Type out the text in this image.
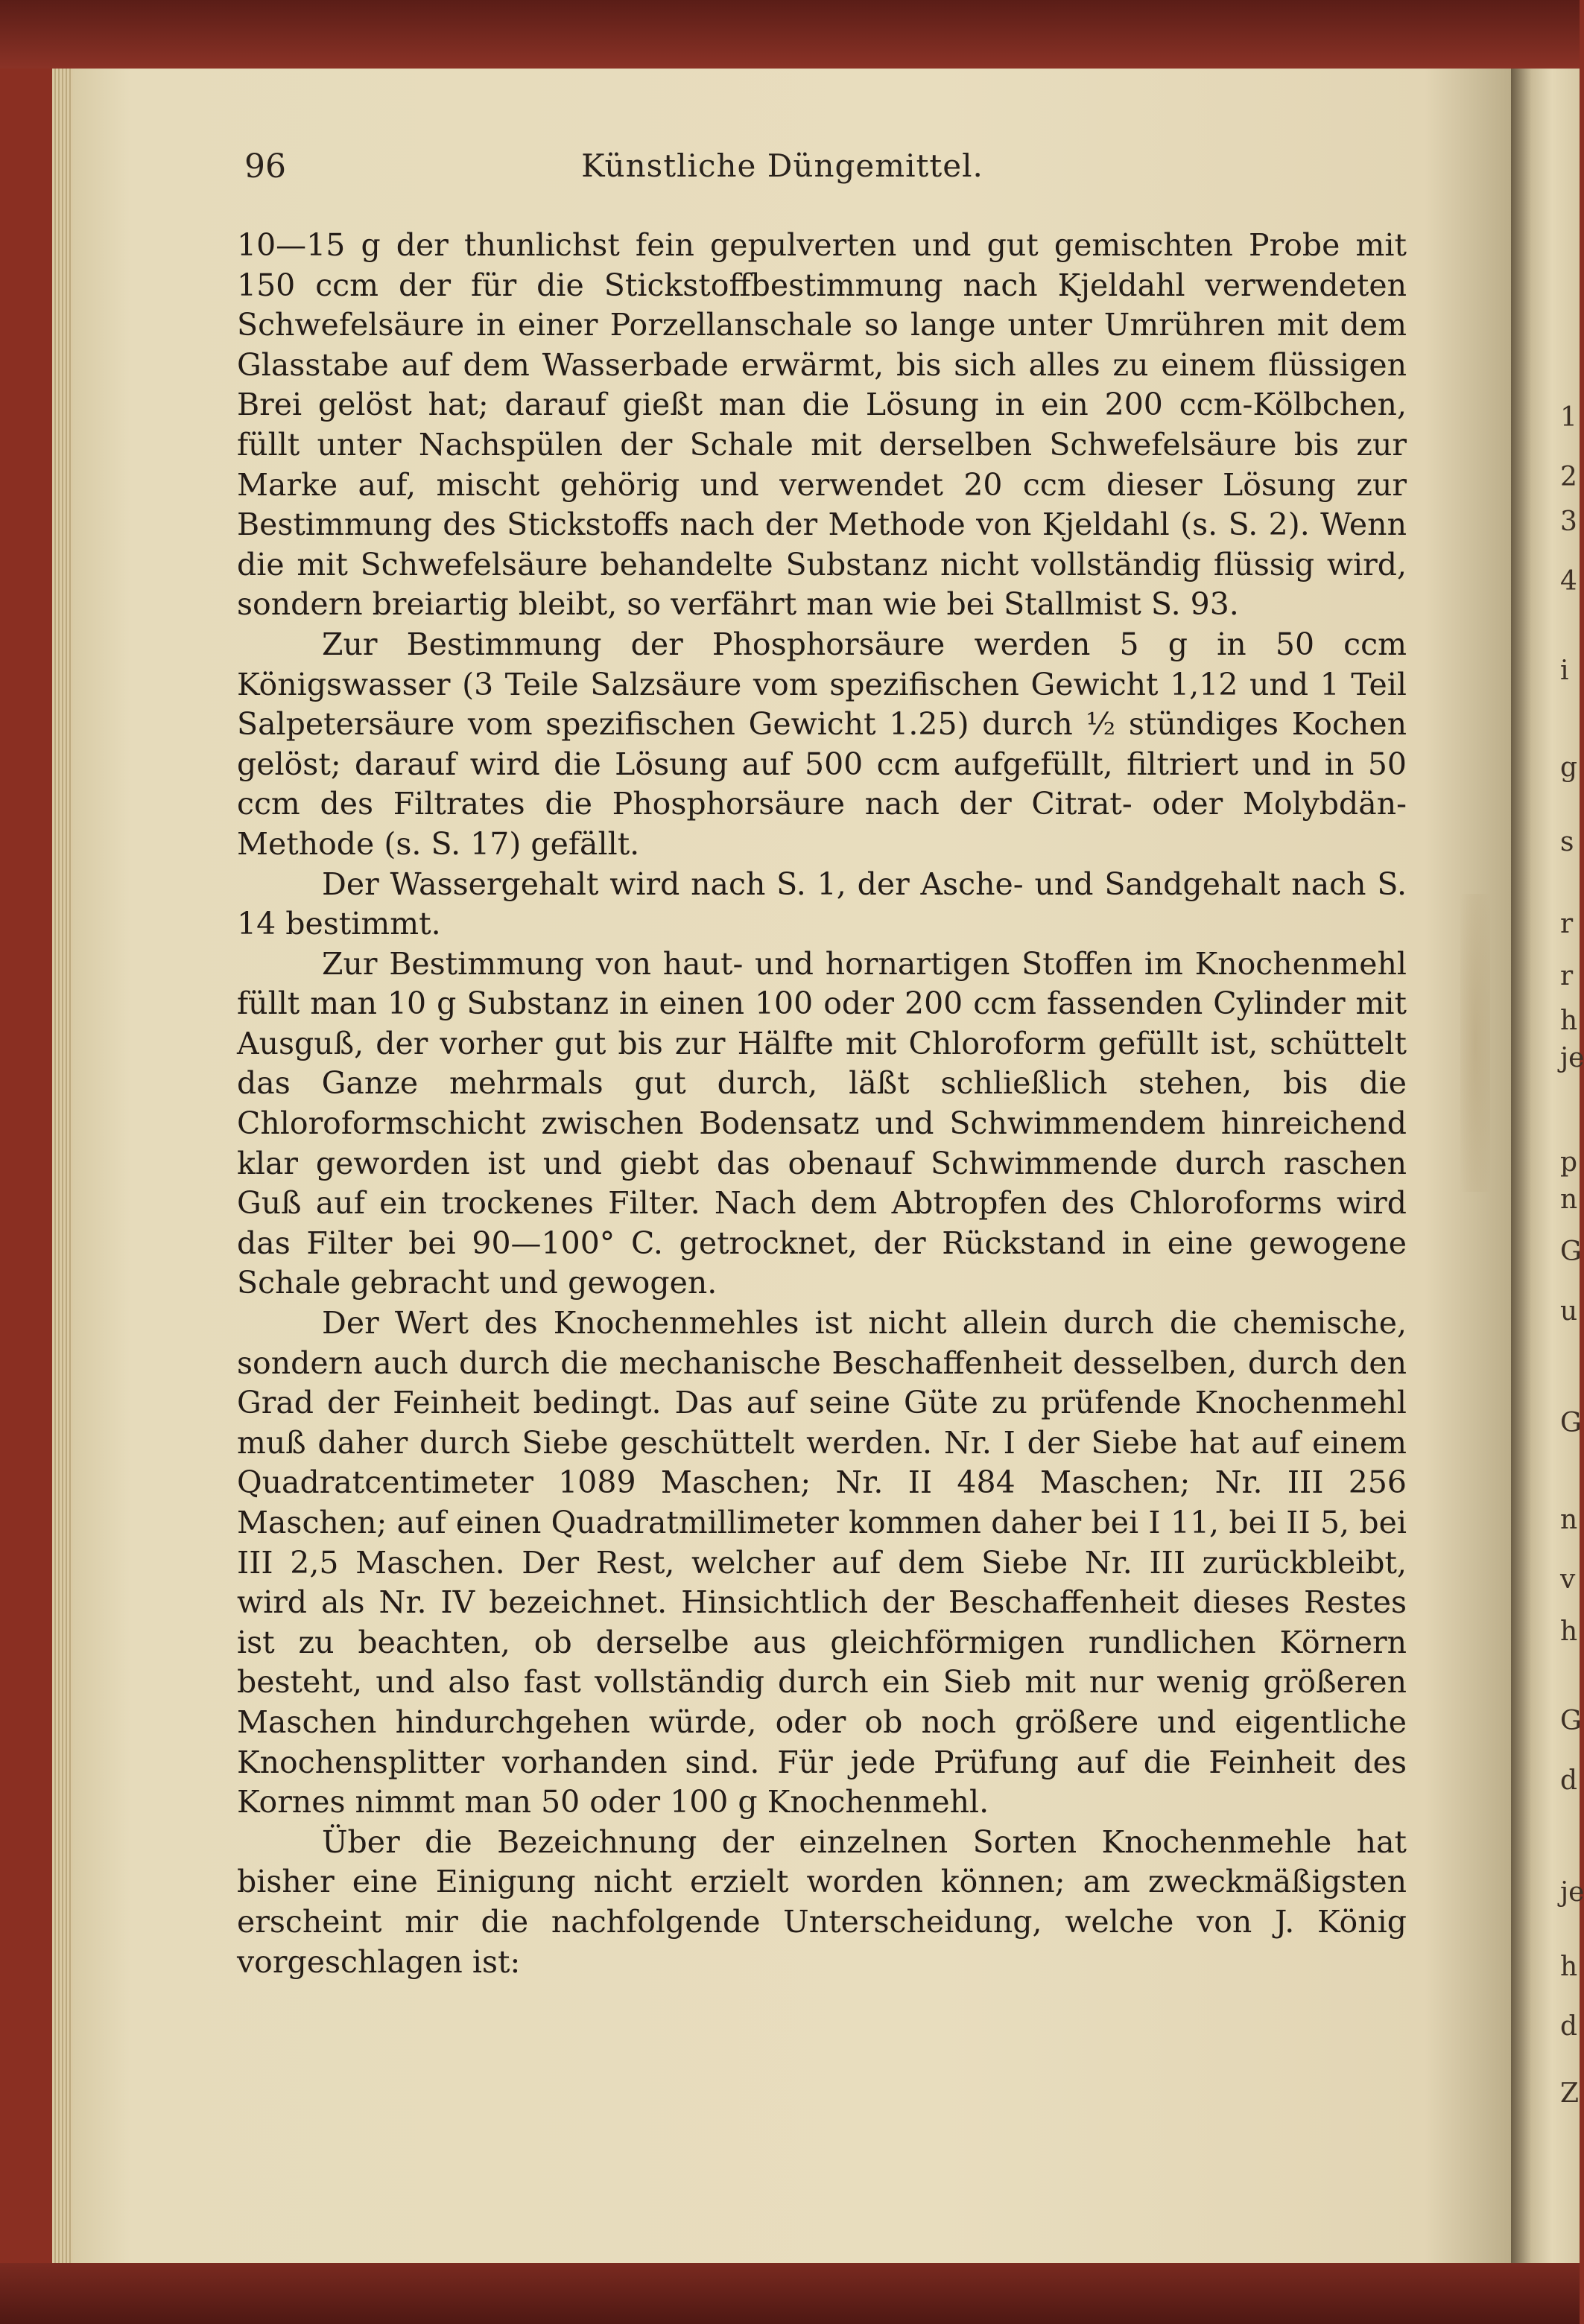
96	Künstliche Düngemittel.

10—15 g der thunlichst fein gepulverten und gut gemischten Probe mit 150 ccm der für die Stickstoffbestimmung nach Kjeldahl verwendeten Schwefelsäure in einer Porzellanschale so lange unter Umrühren mit dem Glasstabe auf dem Wasserbade erwärmt, bis sich alles zu einem flüssigen Brei gelöst hat; darauf gießt man die Lösung in ein 200 ccm-Kölbchen, füllt unter Nachspülen der Schale mit derselben Schwefelsäure bis zur Marke auf, mischt gehörig und verwendet 20 ccm dieser Lösung zur Bestimmung des Stickstoffs nach der Methode von Kjeldahl (s. S. 2). Wenn die mit Schwefelsäure behandelte Substanz nicht vollständig flüssig wird, sondern breiartig bleibt, so verfährt man wie bei Stallmist S. 93.

Zur Bestimmung der Phosphorsäure werden 5 g in 50 ccm Königswasser (3 Teile Salzsäure vom spezifischen Gewicht 1,12 und 1 Teil Salpetersäure vom spezifischen Gewicht 1.25) durch ½ stündiges Kochen gelöst; darauf wird die Lösung auf 500 ccm aufgefüllt, filtriert und in 50 ccm des Filtrates die Phosphorsäure nach der Citrat- oder Molybdän-Methode (s. S. 17) gefällt.

Der Wassergehalt wird nach S. 1, der Asche- und Sandgehalt nach S. 14 bestimmt.

Zur Bestimmung von haut- und hornartigen Stoffen im Knochenmehl füllt man 10 g Substanz in einen 100 oder 200 ccm fassenden Cylinder mit Ausguß, der vorher gut bis zur Hälfte mit Chloroform gefüllt ist, schüttelt das Ganze mehrmals gut durch, läßt schließlich stehen, bis die Chloroformschicht zwischen Bodensatz und Schwimmendem hinreichend klar geworden ist und giebt das obenauf Schwimmende durch raschen Guß auf ein trockenes Filter. Nach dem Abtropfen des Chloroforms wird das Filter bei 90—100° C. getrocknet, der Rückstand in eine gewogene Schale gebracht und gewogen.

Der Wert des Knochenmehles ist nicht allein durch die chemische, sondern auch durch die mechanische Beschaffenheit desselben, durch den Grad der Feinheit bedingt. Das auf seine Güte zu prüfende Knochenmehl muß daher durch Siebe geschüttelt werden. Nr. I der Siebe hat auf einem Quadratcentimeter 1089 Maschen; Nr. II 484 Maschen; Nr. III 256 Maschen; auf einen Quadratmillimeter kommen daher bei I 11, bei II 5, bei III 2,5 Maschen. Der Rest, welcher auf dem Siebe Nr. III zurückbleibt, wird als Nr. IV bezeichnet. Hinsichtlich der Beschaffenheit dieses Restes ist zu beachten, ob derselbe aus gleichförmigen rundlichen Körnern besteht, und also fast vollständig durch ein Sieb mit nur wenig größeren Maschen hindurchgehen würde, oder ob noch größere und eigentliche Knochensplitter vorhanden sind. Für jede Prüfung auf die Feinheit des Kornes nimmt man 50 oder 100 g Knochenmehl.

Über die Bezeichnung der einzelnen Sorten Knochenmehle hat bisher eine Einigung nicht erzielt worden können; am zweckmäßigsten erscheint mir die nachfolgende Unterscheidung, welche von J. König vorgeschlagen ist:

1
2
3
4
i
g
s
r
r
h
je
p
n
G
u
G
n
v
h
G
d
je
h
d
Z
